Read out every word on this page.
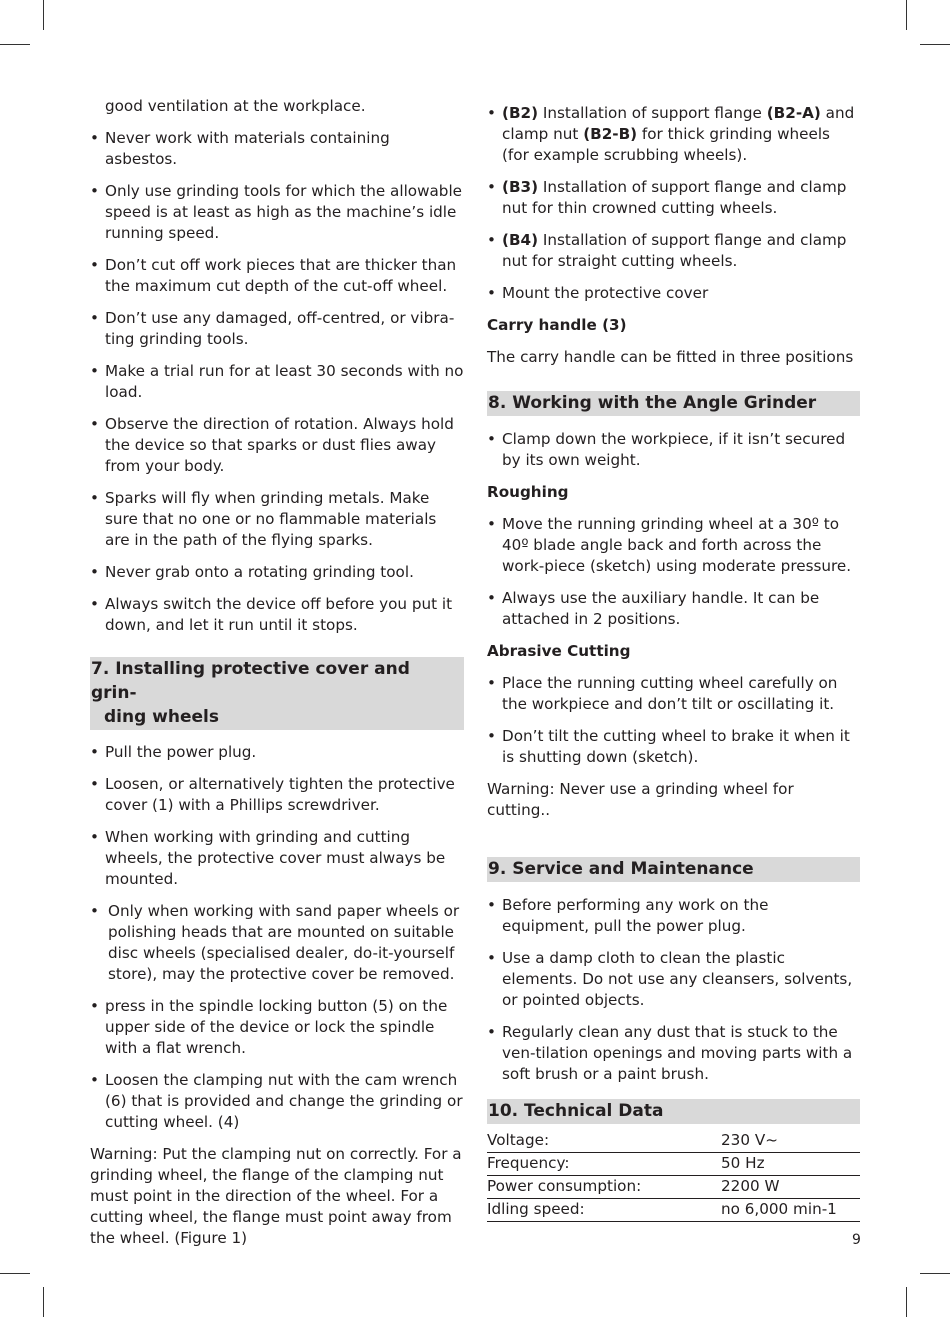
good ventilation at the workplace.

• Never work with materials containing asbestos.

• Only use grinding tools for which the allowable speed is at least as high as the machine’s idle running speed.

• Don’t cut off work pieces that are thicker than the maximum cut depth of the cut-off wheel.

• Don’t use any damaged, off-centred, or vibra-ting grinding tools.

• Make a trial run for at least 30 seconds with no load.

• Observe the direction of rotation. Always hold the device so that sparks or dust flies away from your body.

• Sparks will fly when grinding metals. Make sure that no one or no flammable materials are in the path of the flying sparks.

• Never grab onto a rotating grinding tool.

• Always switch the device off before you put it down, and let it run until it stops.

7. Installing protective cover and grin-
ding wheels

• Pull the power plug.

• Loosen, or alternatively tighten the protective cover (1) with a Phillips screwdriver.

• When working with grinding and cutting wheels, the protective cover must always be mounted.

• Only when working with sand paper wheels or polishing heads that are mounted on suitable disc wheels (specialised dealer, do-it-yourself store), may the protective cover be removed.

• press in the spindle locking button (5) on the upper side of the device or lock the spindle with a flat wrench.

• Loosen the clamping nut with the cam wrench (6) that is provided and change the grinding or cutting wheel. (4)

Warning: Put the clamping nut on correctly. For a grinding wheel, the flange of the clamping nut must point in the direction of the wheel. For a cutting wheel, the flange must point away from the wheel. (Figure 1)

• (B2) Installation of support flange (B2-A) and clamp nut (B2-B) for thick grinding wheels (for example scrubbing wheels).

• (B3) Installation of support flange and clamp nut for thin crowned cutting wheels.

• (B4) Installation of support flange and clamp nut for straight cutting wheels.

• Mount the protective cover

Carry handle (3)

The carry handle can be fitted in three positions

8. Working with the Angle Grinder

• Clamp down the workpiece, if it isn’t secured by its own weight.

Roughing

• Move the running grinding wheel at a 30º to 40º blade angle back and forth across the work-piece (sketch) using moderate pressure.

• Always use the auxiliary handle. It can be attached in 2 positions.

Abrasive Cutting

• Place the running cutting wheel carefully on the workpiece and don’t tilt or oscillating it.

• Don’t tilt the cutting wheel to brake it when it is shutting down (sketch).

Warning: Never use a grinding wheel for cutting..

9. Service and Maintenance

• Before performing any work on the equipment, pull the power plug.

• Use a damp cloth to clean the plastic elements. Do not use any cleansers, solvents, or pointed objects.

• Regularly clean any dust that is stuck to the ven-tilation openings and moving parts with a soft brush or a paint brush.

10. Technical Data
Voltage:	230 V~
Frequency:	50 Hz
Power consumption:	2200 W
Idling speed:	no 6,000 min-1
9
